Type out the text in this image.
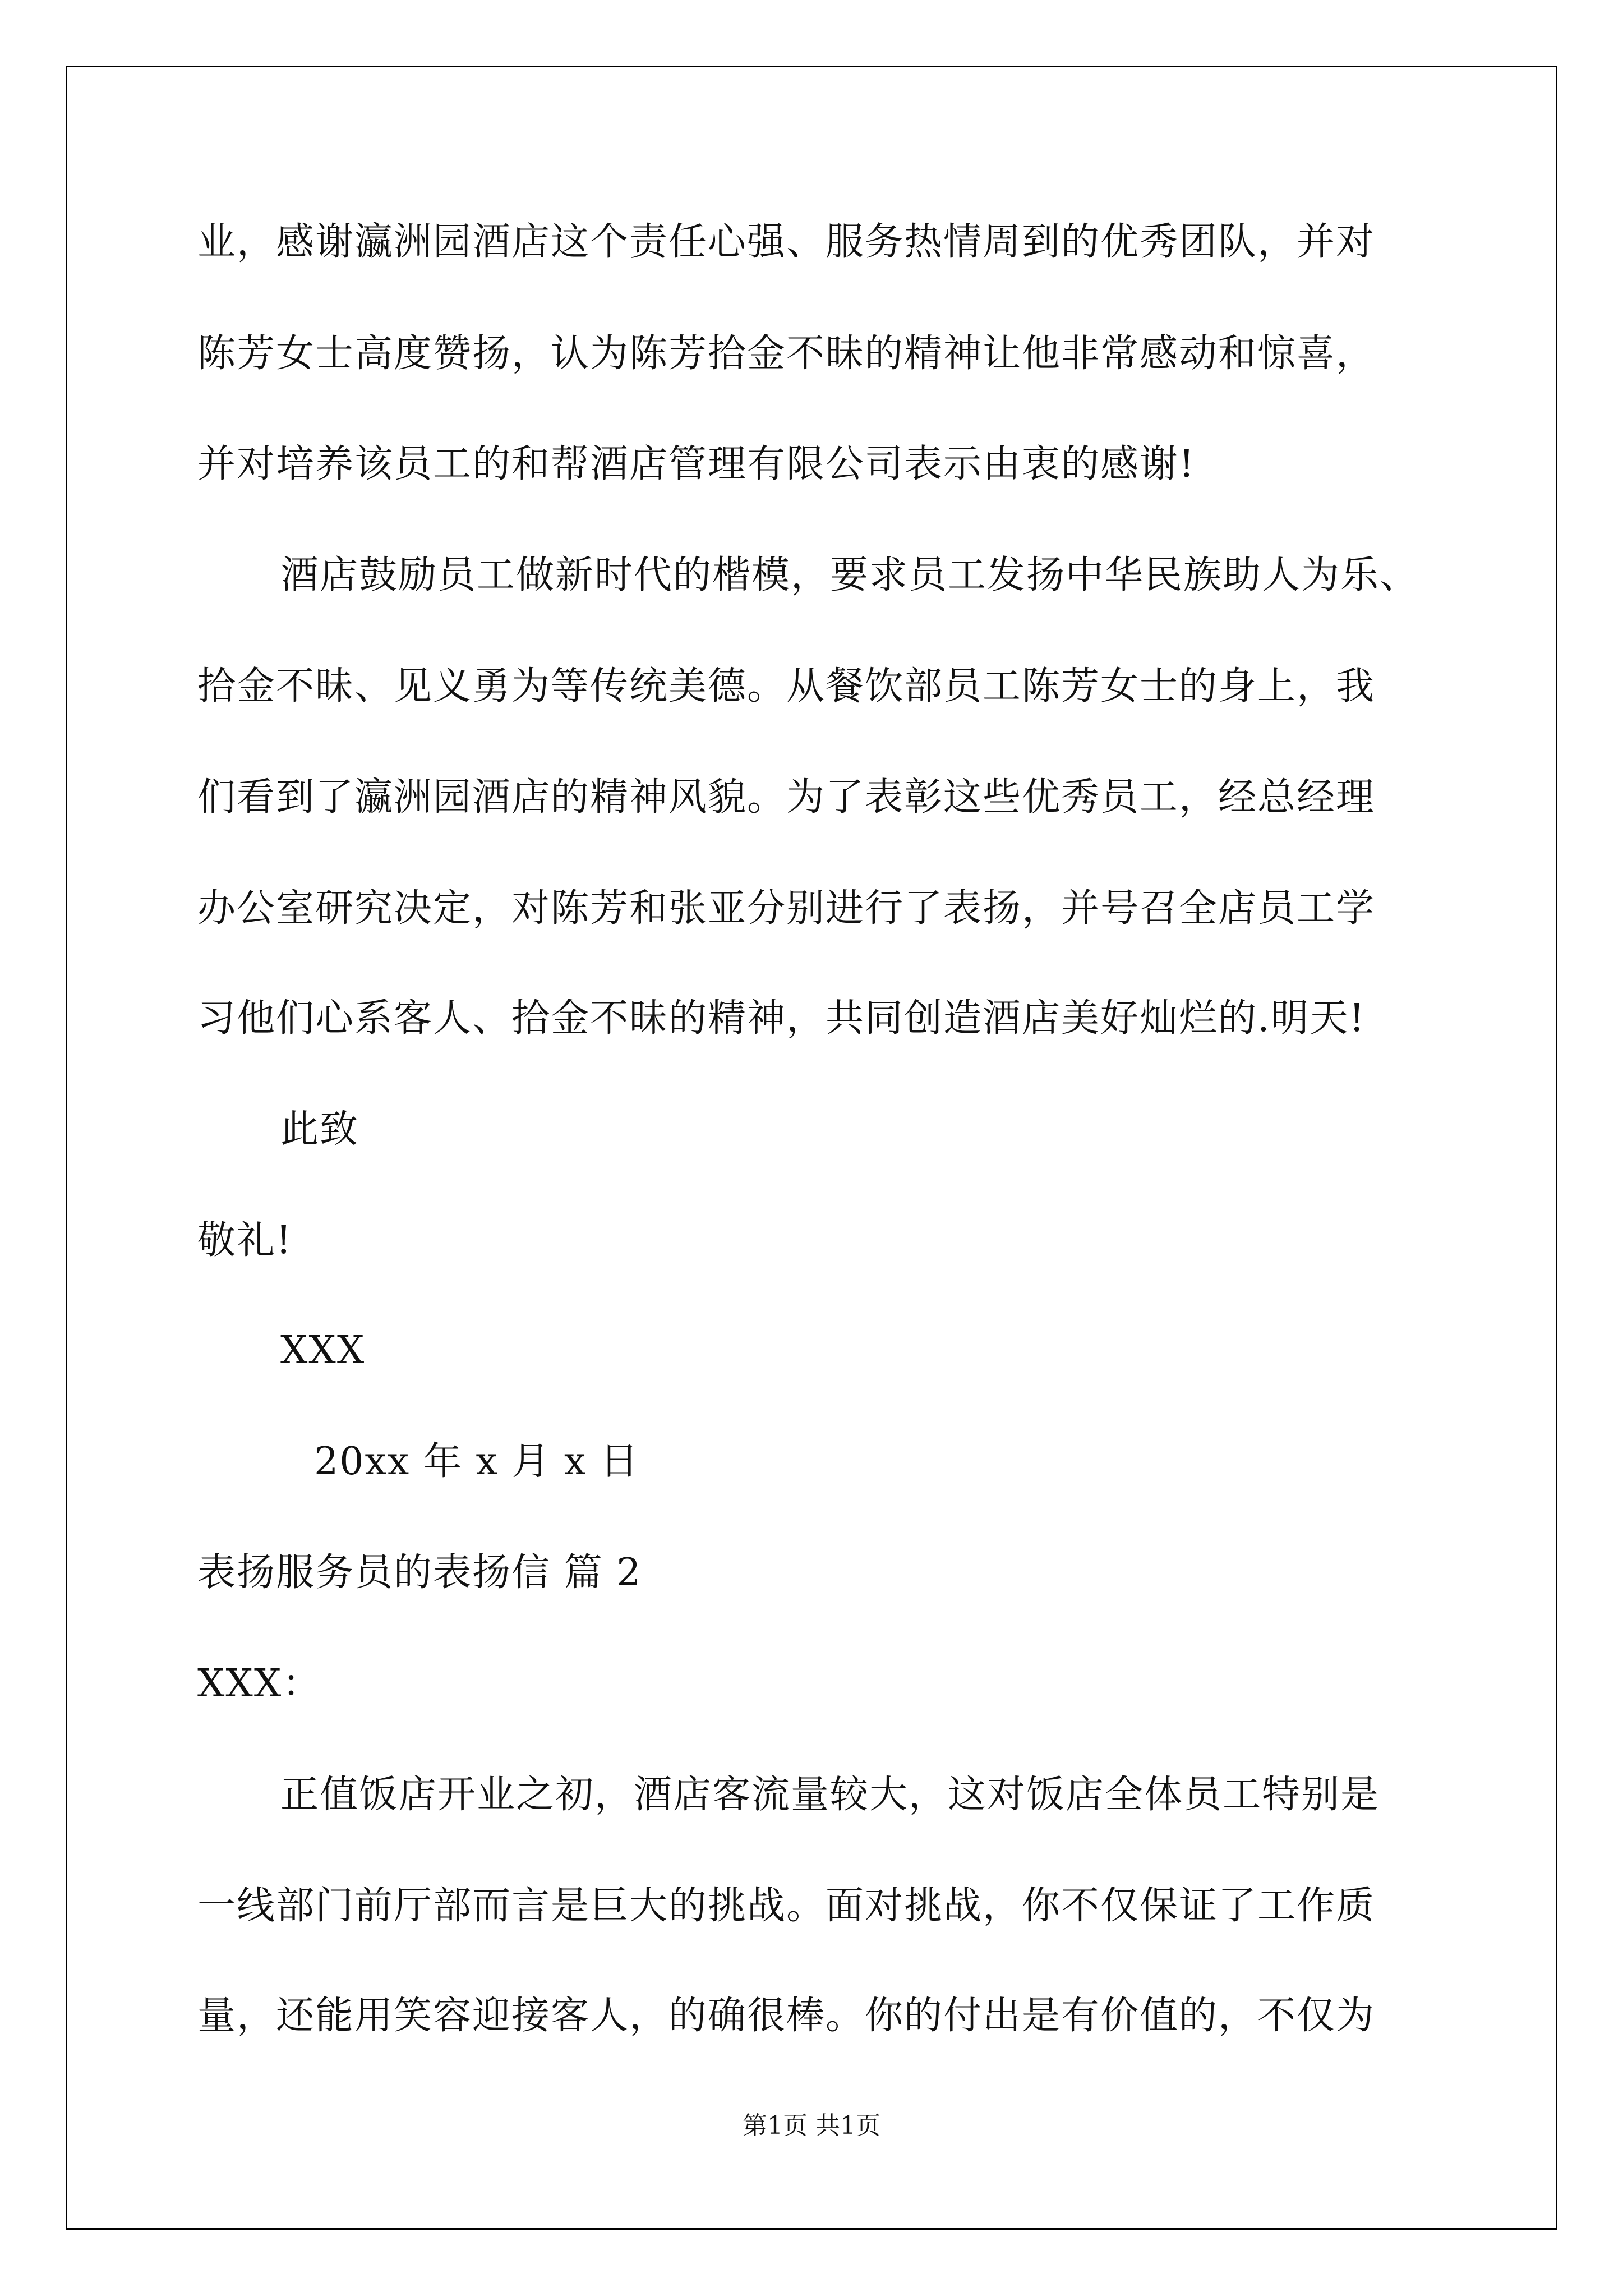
业，感谢瀛洲园酒店这个责任心强、服务热情周到的优秀团队，并对
陈芳女士高度赞扬，认为陈芳拾金不昧的精神让他非常感动和惊喜，
并对培养该员工的和帮酒店管理有限公司表示由衷的感谢!
酒店鼓励员工做新时代的楷模，要求员工发扬中华民族助人为乐、
拾金不昧、见义勇为等传统美德。从餐饮部员工陈芳女士的身上，我
们看到了瀛洲园酒店的精神风貌。为了表彰这些优秀员工，经总经理
办公室研究决定，对陈芳和张亚分别进行了表扬，并号召全店员工学
习他们心系客人、拾金不昧的精神，共同创造酒店美好灿烂的.明天!
此致
敬礼!
XXX
20xx 年 x 月 x 日
表扬服务员的表扬信 篇 2
XXX：
正值饭店开业之初，酒店客流量较大，这对饭店全体员工特别是
一线部门前厅部而言是巨大的挑战。面对挑战，你不仅保证了工作质
量，还能用笑容迎接客人，的确很棒。你的付出是有价值的，不仅为
第1页 共1页
